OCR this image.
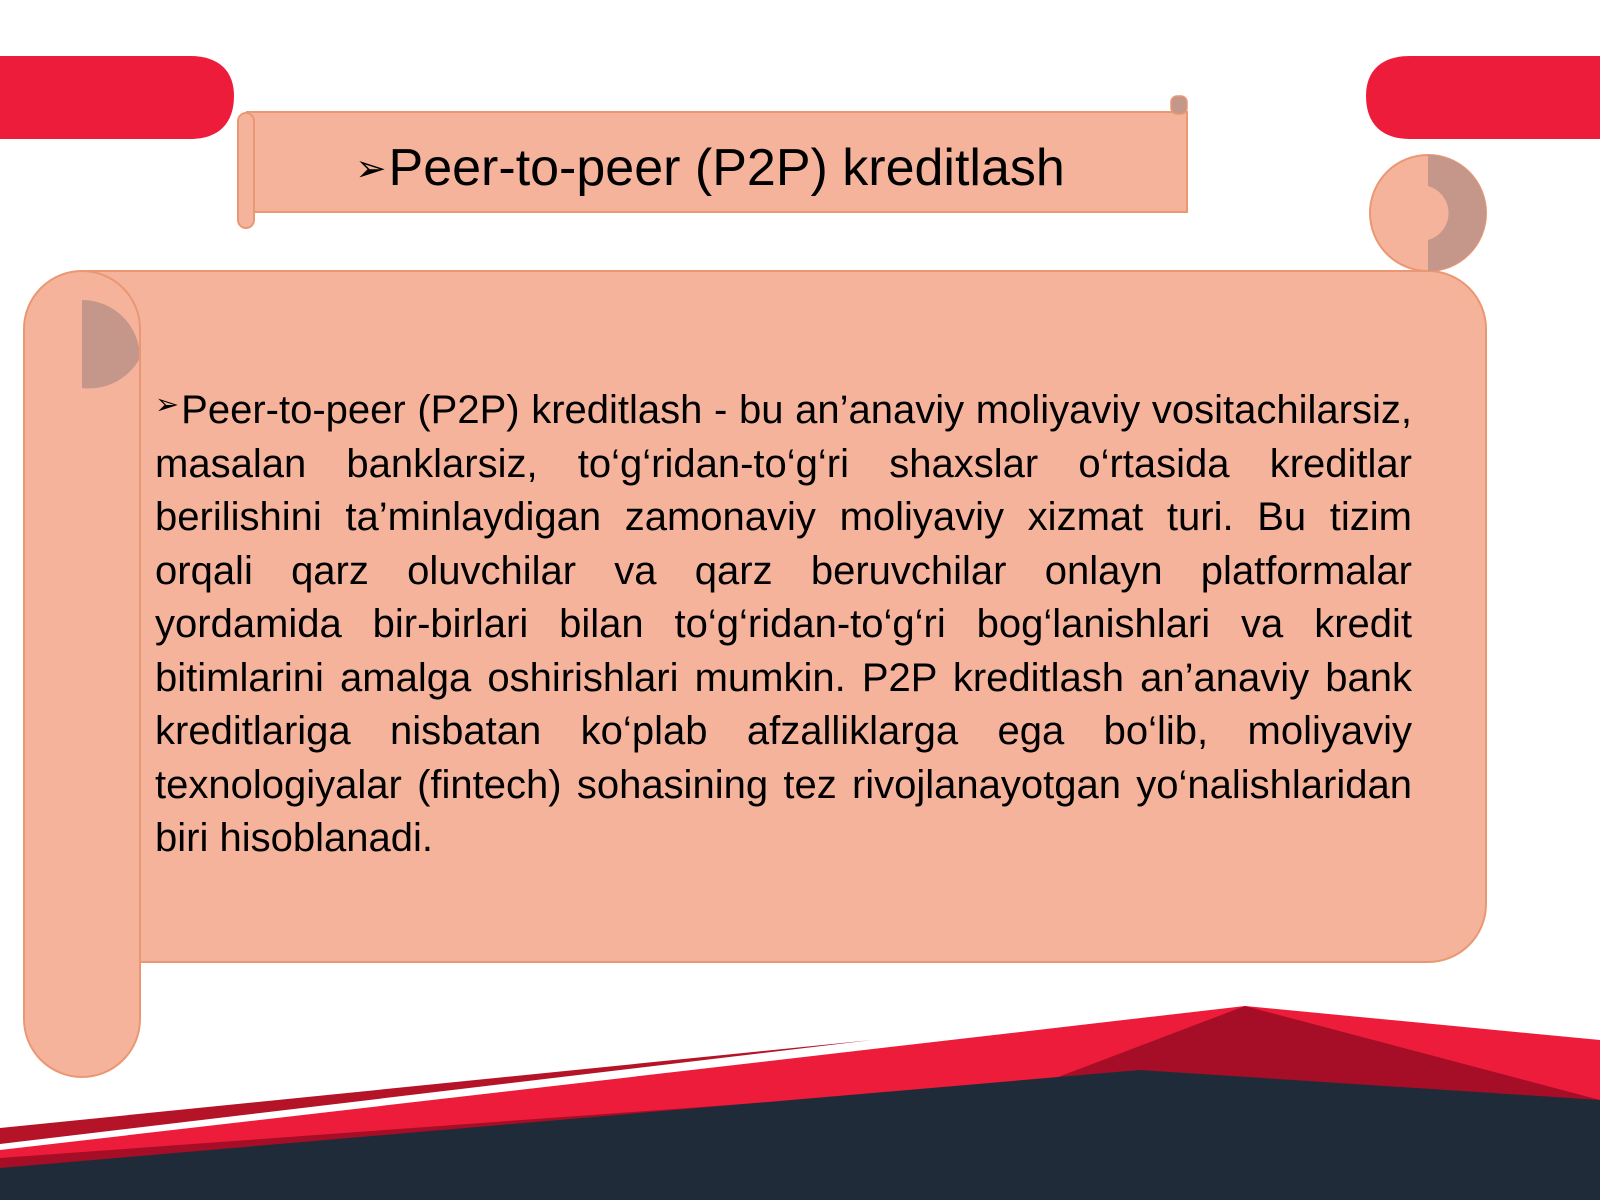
➢ Peer-to-peer (P2P) kreditlash

➢Peer-to-peer (P2P) kreditlash - bu an’anaviy moliyaviy vositachilarsiz, masalan banklarsiz, to‘g‘ridan-to‘g‘ri shaxslar o‘rtasida kreditlar berilishini ta’minlaydigan zamonaviy moliyaviy xizmat turi. Bu tizim orqali qarz oluvchilar va qarz beruvchilar onlayn platformalar yordamida bir-birlari bilan to‘g‘ridan-to‘g‘ri bog‘lanishlari va kredit bitimlarini amalga oshirishlari mumkin. P2P kreditlash an’anaviy bank kreditlariga nisbatan ko‘plab afzalliklarga ega bo‘lib, moliyaviy texnologiyalar (fintech) sohasining tez rivojlanayotgan yo‘nalishlaridan biri hisoblanadi.
